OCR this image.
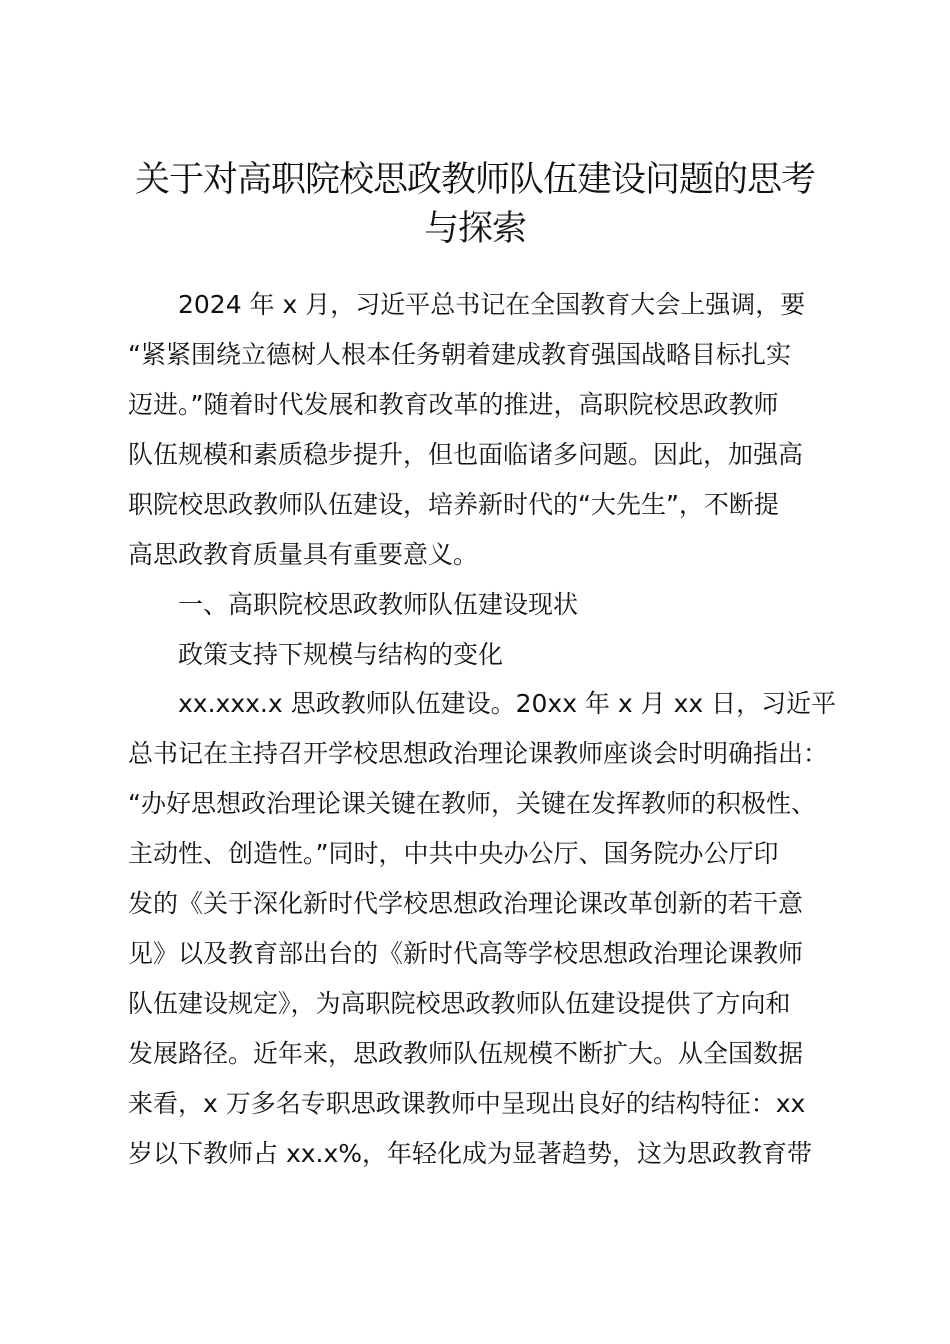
关于对高职院校思政教师队伍建设问题的思考
与探索
2024 年 x 月，习近平总书记在全国教育大会上强调，要
“紧紧围绕立德树人根本任务朝着建成教育强国战略目标扎实
迈进。”随着时代发展和教育改革的推进，高职院校思政教师
队伍规模和素质稳步提升，但也面临诸多问题。因此，加强高
职院校思政教师队伍建设，培养新时代的“大先生”，不断提
高思政教育质量具有重要意义。
一、高职院校思政教师队伍建设现状
政策支持下规模与结构的变化
xx.xxx.x 思政教师队伍建设。20xx 年 x 月 xx 日，习近平
总书记在主持召开学校思想政治理论课教师座谈会时明确指出：
“办好思想政治理论课关键在教师，关键在发挥教师的积极性、
主动性、创造性。”同时，中共中央办公厅、国务院办公厅印
发的《关于深化新时代学校思想政治理论课改革创新的若干意
见》以及教育部出台的《新时代高等学校思想政治理论课教师
队伍建设规定》，为高职院校思政教师队伍建设提供了方向和
发展路径。近年来，思政教师队伍规模不断扩大。从全国数据
来看，x 万多名专职思政课教师中呈现出良好的结构特征：xx
岁以下教师占 xx.x%，年轻化成为显著趋势，这为思政教育带
